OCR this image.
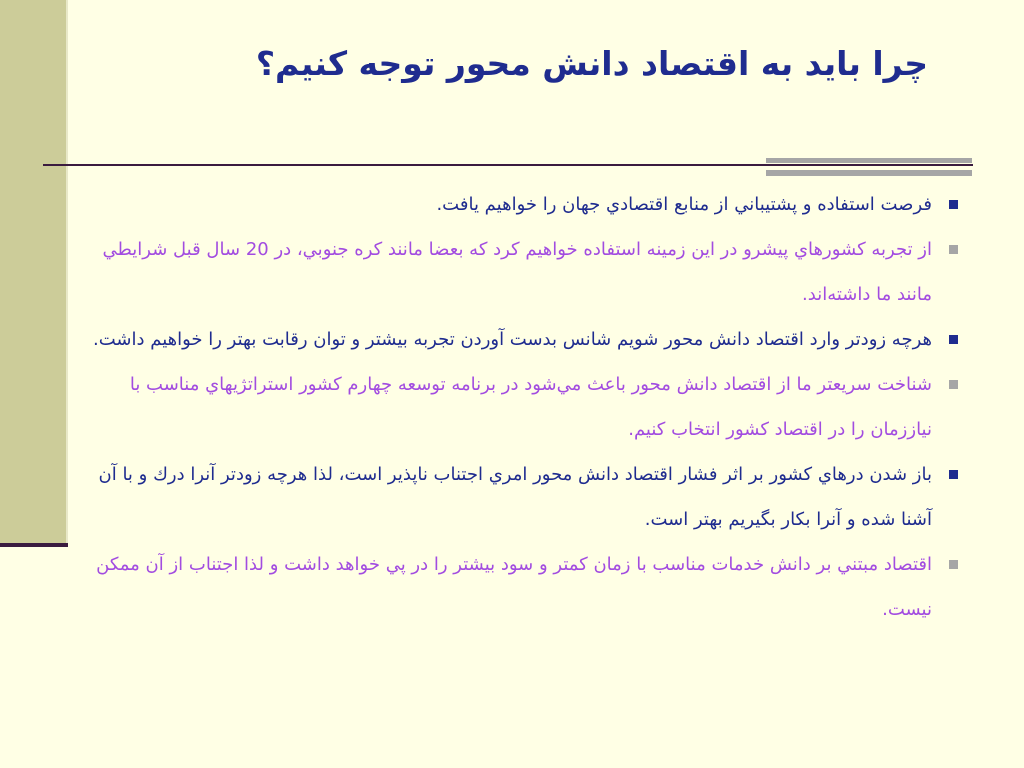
چرا بايد به اقتصاد دانش محور توجه كنيم؟

فرصت استفاده و پشتيباني از منابع اقتصادي جهان را خواهيم يافت.

از تجربه كشورهاي پيشرو در اين زمينه استفاده خواهيم كرد كه بعضا مانند كره جنوبي، در 20 سال قبل شرايطي مانند ما داشته‌اند.

هرچه زودتر وارد اقتصاد دانش محور شويم شانس بدست آوردن تجربه بيشتر و توان رقابت بهتر را خواهيم داشت.

شناخت سريعتر ما از اقتصاد دانش محور باعث مي‌شود در برنامه توسعه چهارم كشور استراتژيهاي مناسب با نياززمان را در اقتصاد كشور انتخاب كنيم.

باز شدن درهاي كشور بر اثر فشار اقتصاد دانش محور امري اجتناب ناپذير است، لذا هرچه زودتر آنرا درك و با آن آشنا شده و آنرا بكار بگيريم بهتر است.

اقتصاد مبتني بر دانش خدمات مناسب با زمان كمتر و سود بيشتر را در پي خواهد داشت و لذا اجتناب از آن ممكن نيست.
